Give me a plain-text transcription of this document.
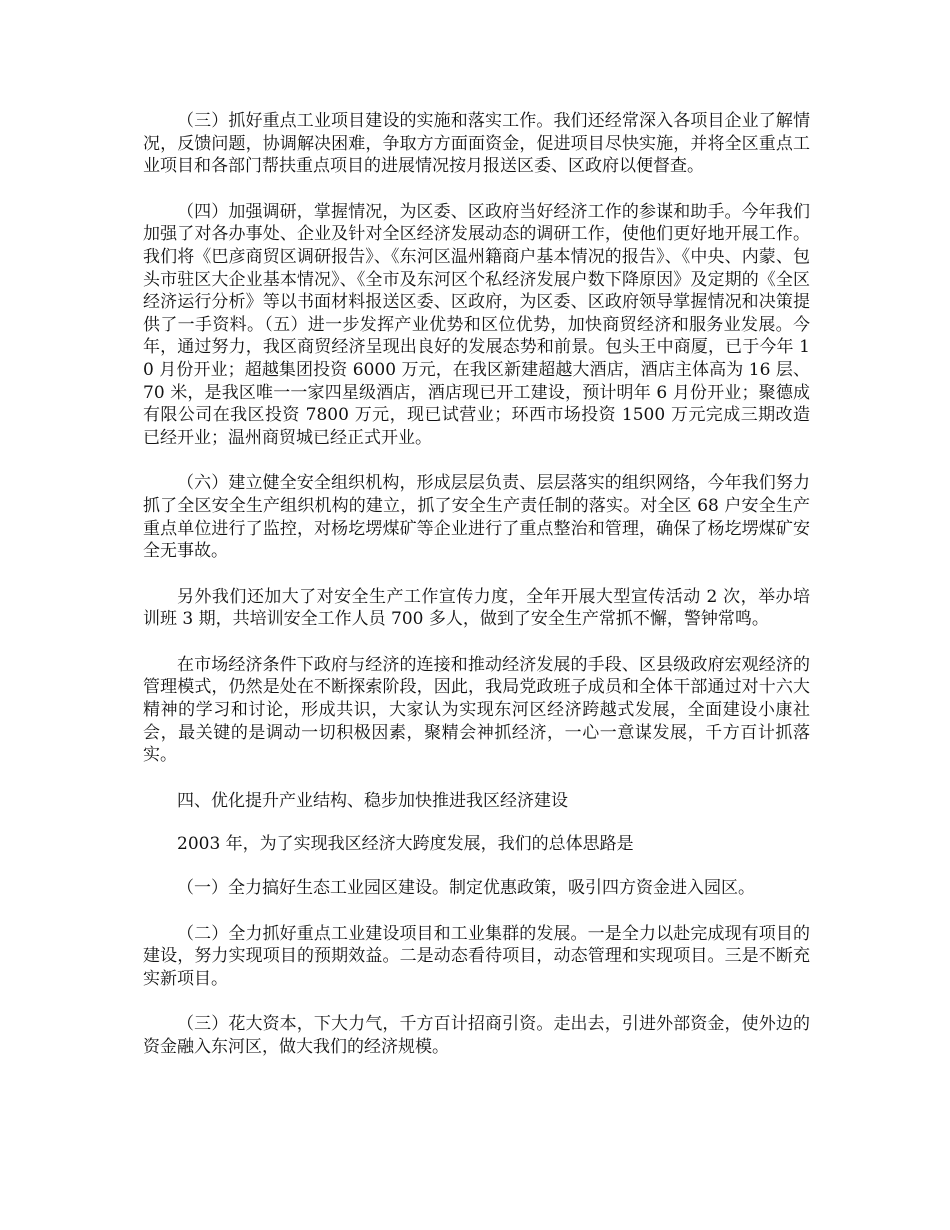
（三）抓好重点工业项目建设的实施和落实工作。我们还经常深入各项目企业了解情况，反馈问题，协调解决困难，争取方方面面资金，促进项目尽快实施，并将全区重点工业项目和各部门帮扶重点项目的进展情况按月报送区委、区政府以便督查。

（四）加强调研，掌握情况，为区委、区政府当好经济工作的参谋和助手。今年我们加强了对各办事处、企业及针对全区经济发展动态的调研工作，使他们更好地开展工作。我们将《巴彦商贸区调研报告》、《东河区温州籍商户基本情况的报告》、《中央、内蒙、包头市驻区大企业基本情况》、《全市及东河区个私经济发展户数下降原因》及定期的《全区经济运行分析》等以书面材料报送区委、区政府，为区委、区政府领导掌握情况和决策提供了一手资料。（五）进一步发挥产业优势和区位优势，加快商贸经济和服务业发展。今年，通过努力，我区商贸经济呈现出良好的发展态势和前景。包头王中商厦，已于今年 10 月份开业；超越集团投资 6000 万元，在我区新建超越大酒店，酒店主体高为 16 层、70 米，是我区唯一一家四星级酒店，酒店现已开工建设，预计明年 6 月份开业；聚德成有限公司在我区投资 7800 万元，现已试营业；环西市场投资 1500 万元完成三期改造已经开业；温州商贸城已经正式开业。

（六）建立健全安全组织机构，形成层层负责、层层落实的组织网络，今年我们努力抓了全区安全生产组织机构的建立，抓了安全生产责任制的落实。对全区 68 户安全生产重点单位进行了监控，对杨圪塄煤矿等企业进行了重点整治和管理，确保了杨圪塄煤矿安全无事故。

另外我们还加大了对安全生产工作宣传力度，全年开展大型宣传活动 2 次，举办培训班 3 期，共培训安全工作人员 700 多人，做到了安全生产常抓不懈，警钟常鸣。

在市场经济条件下政府与经济的连接和推动经济发展的手段、区县级政府宏观经济的管理模式，仍然是处在不断探索阶段，因此，我局党政班子成员和全体干部通过对十六大精神的学习和讨论，形成共识，大家认为实现东河区经济跨越式发展，全面建设小康社会，最关键的是调动一切积极因素，聚精会神抓经济，一心一意谋发展，千方百计抓落实。

四、优化提升产业结构、稳步加快推进我区经济建设

2003 年，为了实现我区经济大跨度发展，我们的总体思路是

（一）全力搞好生态工业园区建设。制定优惠政策，吸引四方资金进入园区。

（二）全力抓好重点工业建设项目和工业集群的发展。一是全力以赴完成现有项目的建设，努力实现项目的预期效益。二是动态看待项目，动态管理和实现项目。三是不断充实新项目。

（三）花大资本，下大力气，千方百计招商引资。走出去，引进外部资金，使外边的资金融入东河区，做大我们的经济规模。
